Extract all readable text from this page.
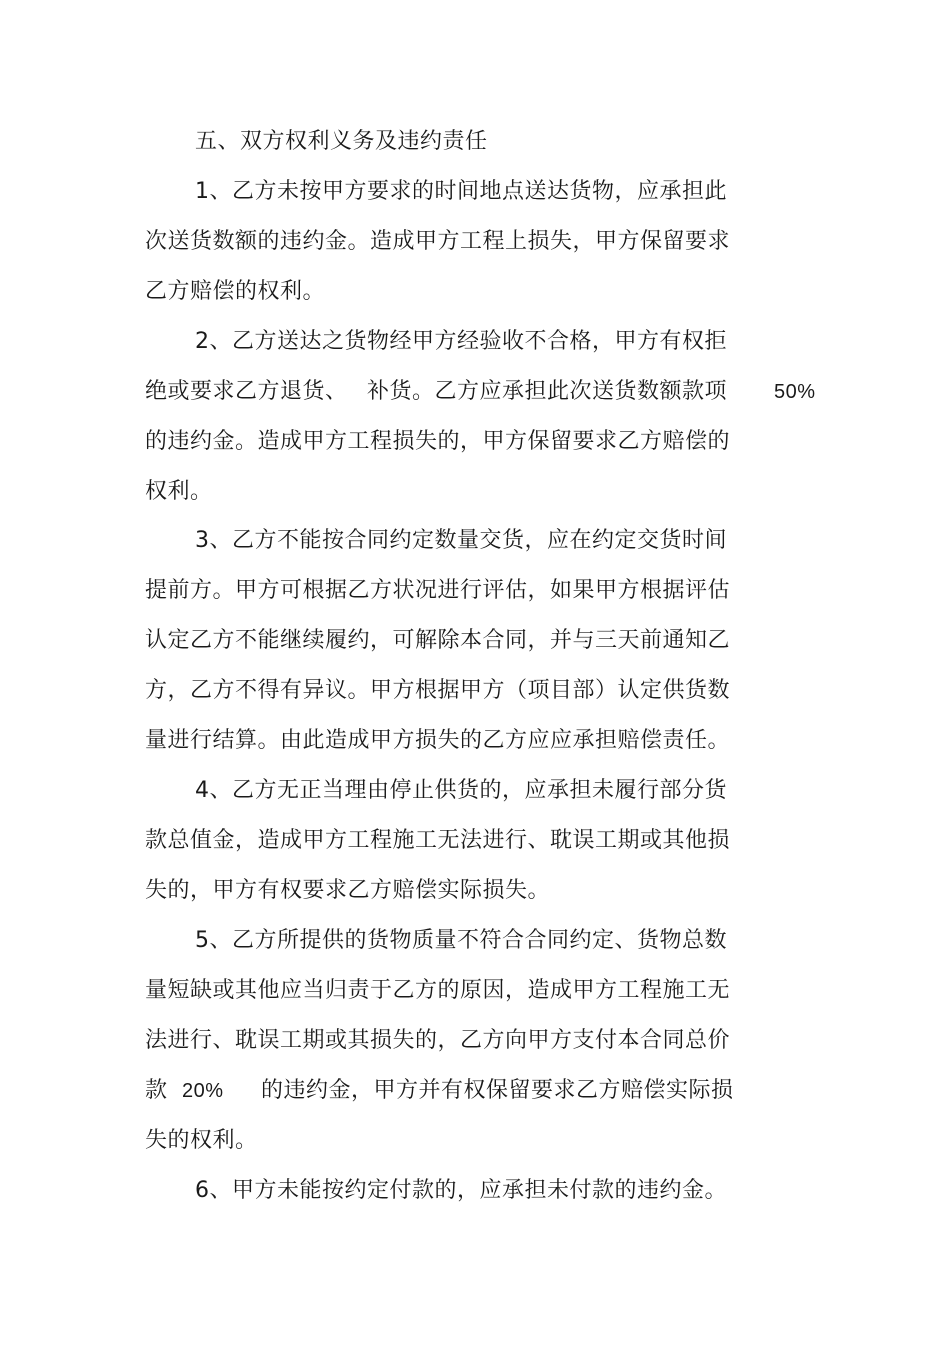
五、双方权利义务及违约责任
1、乙方未按甲方要求的时间地点送达货物，应承担此
次送货数额的违约金。造成甲方工程上损失，甲方保留要求
乙方赔偿的权利。
2、乙方送达之货物经甲方经验收不合格，甲方有权拒
绝或要求乙方退货、 补货。乙方应承担此次送货数额款项 50%
的违约金。造成甲方工程损失的，甲方保留要求乙方赔偿的
权利。
3、乙方不能按合同约定数量交货，应在约定交货时间
提前方。甲方可根据乙方状况进行评估，如果甲方根据评估
认定乙方不能继续履约，可解除本合同，并与三天前通知乙
方，乙方不得有异议。甲方根据甲方（项目部）认定供货数
量进行结算。由此造成甲方损失的乙方应应承担赔偿责任。
4、乙方无正当理由停止供货的，应承担未履行部分货
款总值金，造成甲方工程施工无法进行、耽误工期或其他损
失的，甲方有权要求乙方赔偿实际损失。
5、乙方所提供的货物质量不符合合同约定、货物总数
量短缺或其他应当归责于乙方的原因，造成甲方工程施工无
法进行、耽误工期或其损失的，乙方向甲方支付本合同总价
款 20% 的违约金，甲方并有权保留要求乙方赔偿实际损
失的权利。
6、甲方未能按约定付款的，应承担未付款的违约金。
